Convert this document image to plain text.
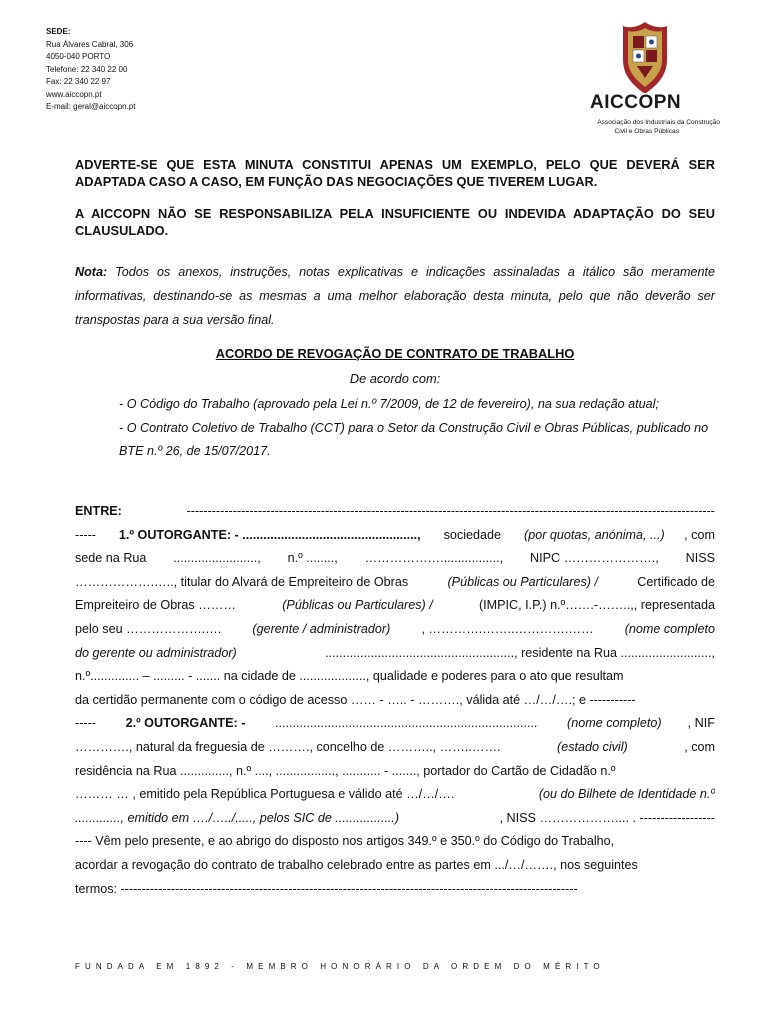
SEDE:
Rua Álvares Cabral, 306
4050-040 PORTO
Telefone: 22 340 22 00
Fax: 22 340 22 97
www.aiccopn.pt
E-mail: geral@aiccopn.pt	AICCOPN
Associação dos Industriais da Construção
Civil e Obras Públicas
ADVERTE-SE QUE ESTA MINUTA CONSTITUI APENAS UM EXEMPLO, PELO QUE DEVERÁ SER ADAPTADA CASO A CASO, EM FUNÇÃO DAS NEGOCIAÇÕES QUE TIVEREM LUGAR.
A AICCOPN NÃO SE RESPONSABILIZA PELA INSUFICIENTE OU INDEVIDA ADAPTAÇÃO DO SEU CLAUSULADO.
Nota: Todos os anexos, instruções, notas explicativas e indicações assinaladas a itálico são meramente informativas, destinando-se as mesmas a uma melhor elaboração desta minuta, pelo que não deverão ser transpostas para a sua versão final.
ACORDO DE REVOGAÇÃO DE CONTRATO DE TRABALHO
De acordo com:
- O Código do Trabalho (aprovado pela Lei n.º 7/2009, de 12 de fevereiro), na sua redação atual;
- O Contrato Coletivo de Trabalho (CCT) para o Setor da Construção Civil e Obras Públicas, publicado no BTE n.º 26, de 15/07/2017.
ENTRE:	------------------------------------------------------------------------------------------------------------------------------
----- 1.º OUTORGANTE: - .................................................., sociedade (por quotas, anónima, ...) , com
sede na Rua ........................, n.º ........, ………………................., NIPC …………………., NISS
……………….….., titular do Alvará de Empreiteiro de Obras	(Públicas ou Particulares) /	Certificado de
Empreiteiro de Obras ………	(Públicas ou Particulares) /	(IMPIC, I.P.) n.º…….-……..,, representada
pelo seu ……………….…. (gerente / administrador) , ………….……..………….…… (nome completo
do gerente ou administrador)	......................................................, residente na Rua ..........................,
n.º.............. – ......... - ....... na cidade de ..................., qualidade e poderes para o ato que resultam
da certidão permanente com o código de acesso …… - ….. - ………., válida até …/…/….; e -----------
----- 2.º OUTORGANTE: - ........................................................................... (nome completo) , NIF
…………., natural da freguesia de ………., concelho de ……….., ……..…….	(estado civil)	, com
residência na Rua .............., n.º ...., ................., ........... - ......., portador do Cartão de Cidadão n.º
……… … , emitido pela República Portuguesa e válido até …/…/….	(ou do Bilhete de Identidade n.º
............., emitido em …./…../....., pelos SIC de .................)	, NISS ……………….... . ------------------
---- Vêm pelo presente, e ao abrigo do disposto nos artigos 349.º e 350.º do Código do Trabalho,
acordar a revogação do contrato de trabalho celebrado entre as partes em .../…/……., nos seguintes
termos: -------------------------------------------------------------------------------------------------------------
FUNDADA EM 1892 - MEMBRO HONORÁRIO DA ORDEM DO MÉRITO
